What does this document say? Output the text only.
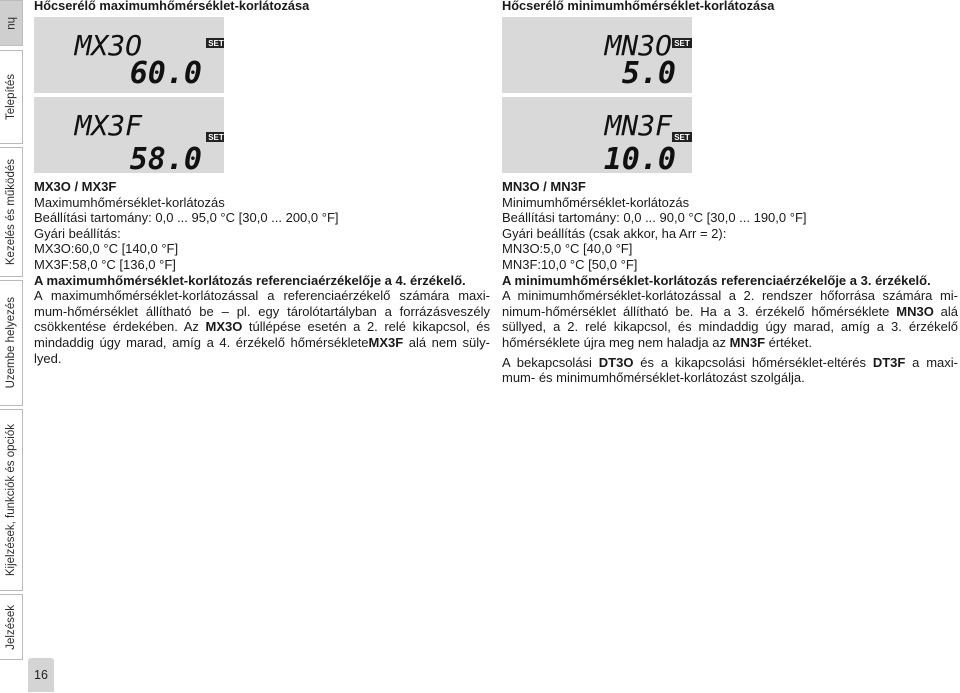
hu
Telepítés
Kezelés és működés
Üzembe helyezés
Kijelzések, funkciók és opciók
Jelzések
16
Hőcserélő maximumhőmérséklet-korlátozása
MX3O	SET
60.0
MX3F	SET
58.0

MX3O / MX3F

Maximumhőmérséklet-korlátozás

Beállítási tartomány: 0,0 ... 95,0 °C [30,0 ... 200,0 °F]

Gyári beállítás:

MX3O:60,0 °C [140,0 °F]

MX3F:58,0 °C [136,0 °F]

A maximumhőmérséklet-korlátozás referenciaérzékelője a 4. érzékelő.

A maximumhőmérséklet-korlátozással a referenciaérzékelő számára maxi-mum-hőmérséklet állítható be – pl. egy tárolótartályban a forrázásveszély csökkentése érdekében. Az MX3O túllépése esetén a 2. relé kikapcsol, és mindaddig úgy marad, amíg a 4. érzékelő hőmérsékleteMX3F alá nem süly-lyed.

Hőcserélő minimumhőmérséklet-korlátozása
MN3O SET
5.0
MN3F SET
10.0

MN3O / MN3F

Minimumhőmérséklet-korlátozás

Beállítási tartomány: 0,0 ... 90,0 °C [30,0 ... 190,0 °F]

Gyári beállítás (csak akkor, ha Arr = 2):

MN3O:5,0 °C [40,0 °F]

MN3F:10,0 °C [50,0 °F]

A minimumhőmérséklet-korlátozás referenciaérzékelője a 3. érzékelő.

A minimumhőmérséklet-korlátozással a 2. rendszer hőforrása számára mi-nimum-hőmérséklet állítható be. Ha a 3. érzékelő hőmérséklete MN3O alá süllyed, a 2. relé kikapcsol, és mindaddig úgy marad, amíg a 3. érzékelő hőmérséklete újra meg nem haladja az MN3F értéket.

A bekapcsolási DT3O és a kikapcsolási hőmérséklet-eltérés DT3F a maxi-mum- és minimumhőmérséklet-korlátozást szolgálja.
